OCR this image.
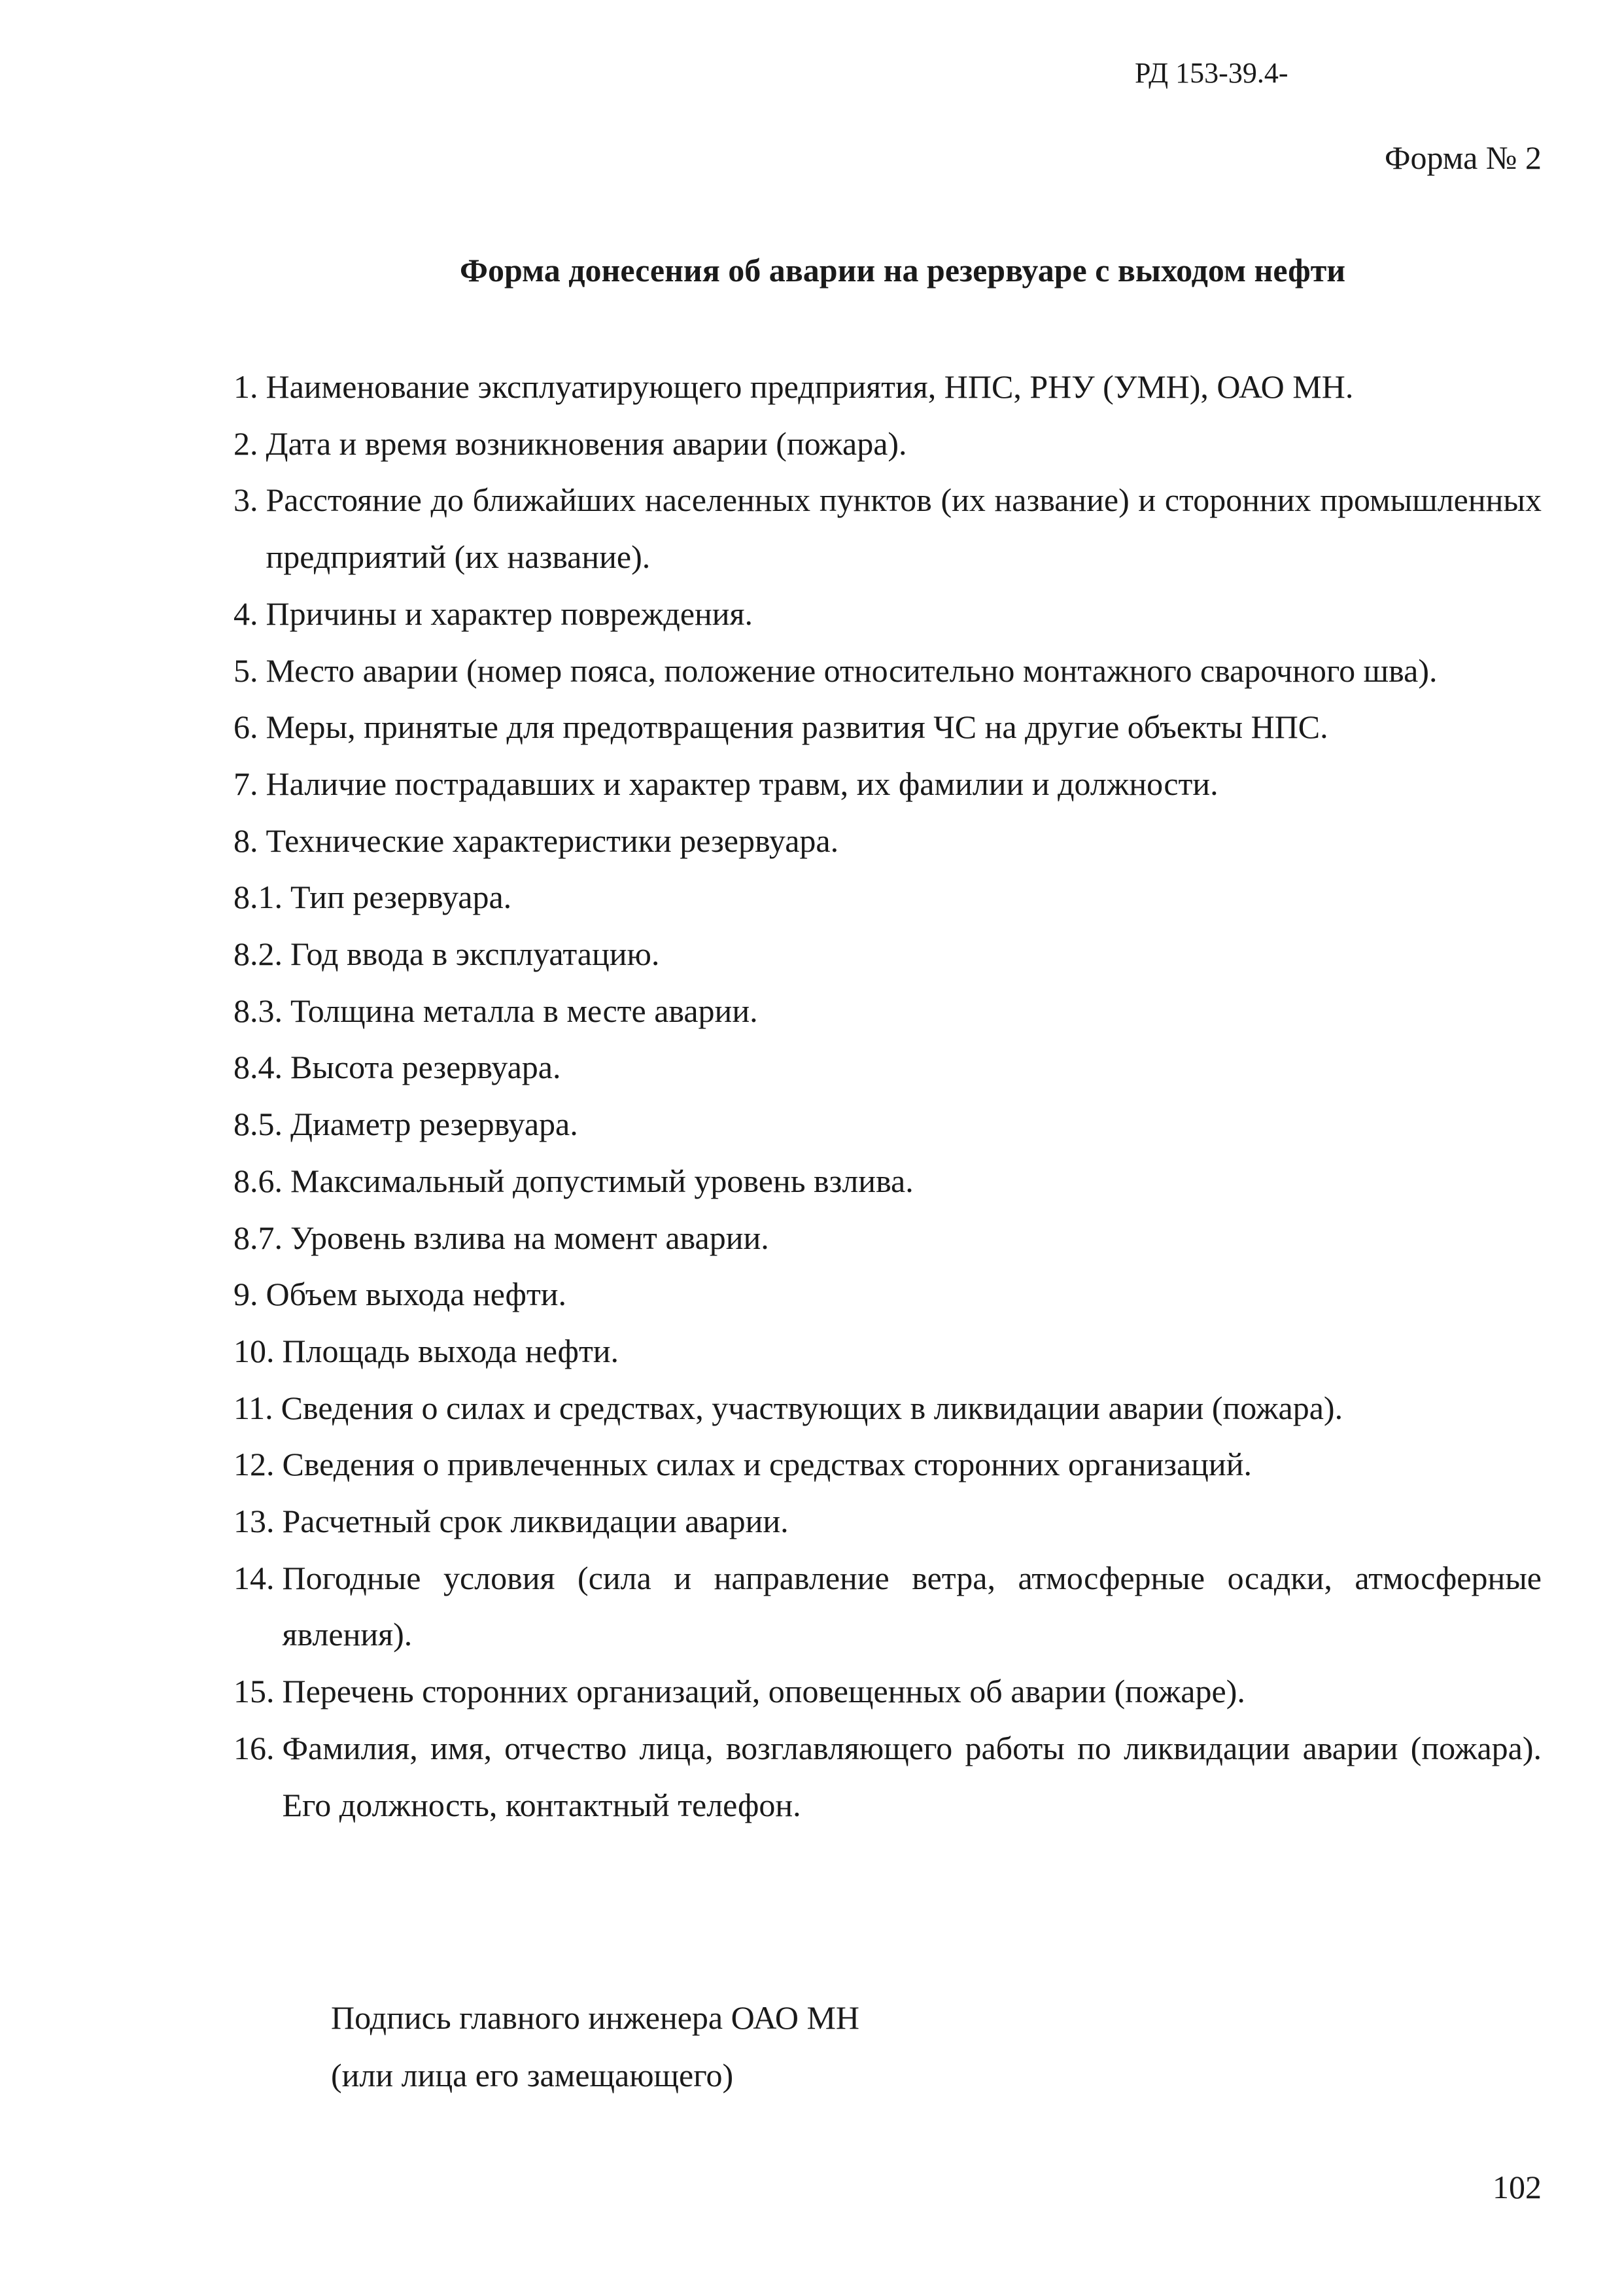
РД 153-39.4-
Форма № 2
Форма донесения об аварии на резервуаре с выходом нефти
1. Наименование эксплуатирующего предприятия, НПС, РНУ (УМН), ОАО МН.
2. Дата и время возникновения аварии (пожара).
3. Расстояние до ближайших населенных пунктов (их название) и сторонних промышленных предприятий (их название).
4. Причины и характер повреждения.
5. Место аварии (номер пояса, положение относительно монтажного сварочного шва).
6. Меры, принятые для предотвращения развития ЧС на другие объекты НПС.
7. Наличие пострадавших и характер травм, их фамилии и должности.
8. Технические характеристики резервуара.
8.1. Тип резервуара.
8.2. Год ввода в эксплуатацию.
8.3. Толщина металла в месте аварии.
8.4. Высота резервуара.
8.5. Диаметр резервуара.
8.6. Максимальный допустимый уровень взлива.
8.7. Уровень взлива на момент аварии.
9. Объем выхода нефти.
10. Площадь выхода нефти.
11. Сведения о силах и средствах, участвующих в ликвидации аварии (пожара).
12. Сведения о привлеченных силах и средствах сторонних организаций.
13. Расчетный срок ликвидации аварии.
14. Погодные условия (сила и направление ветра, атмосферные осадки, атмосферные явления).
15. Перечень сторонних организаций, оповещенных об аварии (пожаре).
16. Фамилия, имя, отчество лица, возглавляющего работы по ликвидации аварии (пожара). Его должность, контактный телефон.
Подпись главного инженера ОАО МН
(или лица его замещающего)
102
